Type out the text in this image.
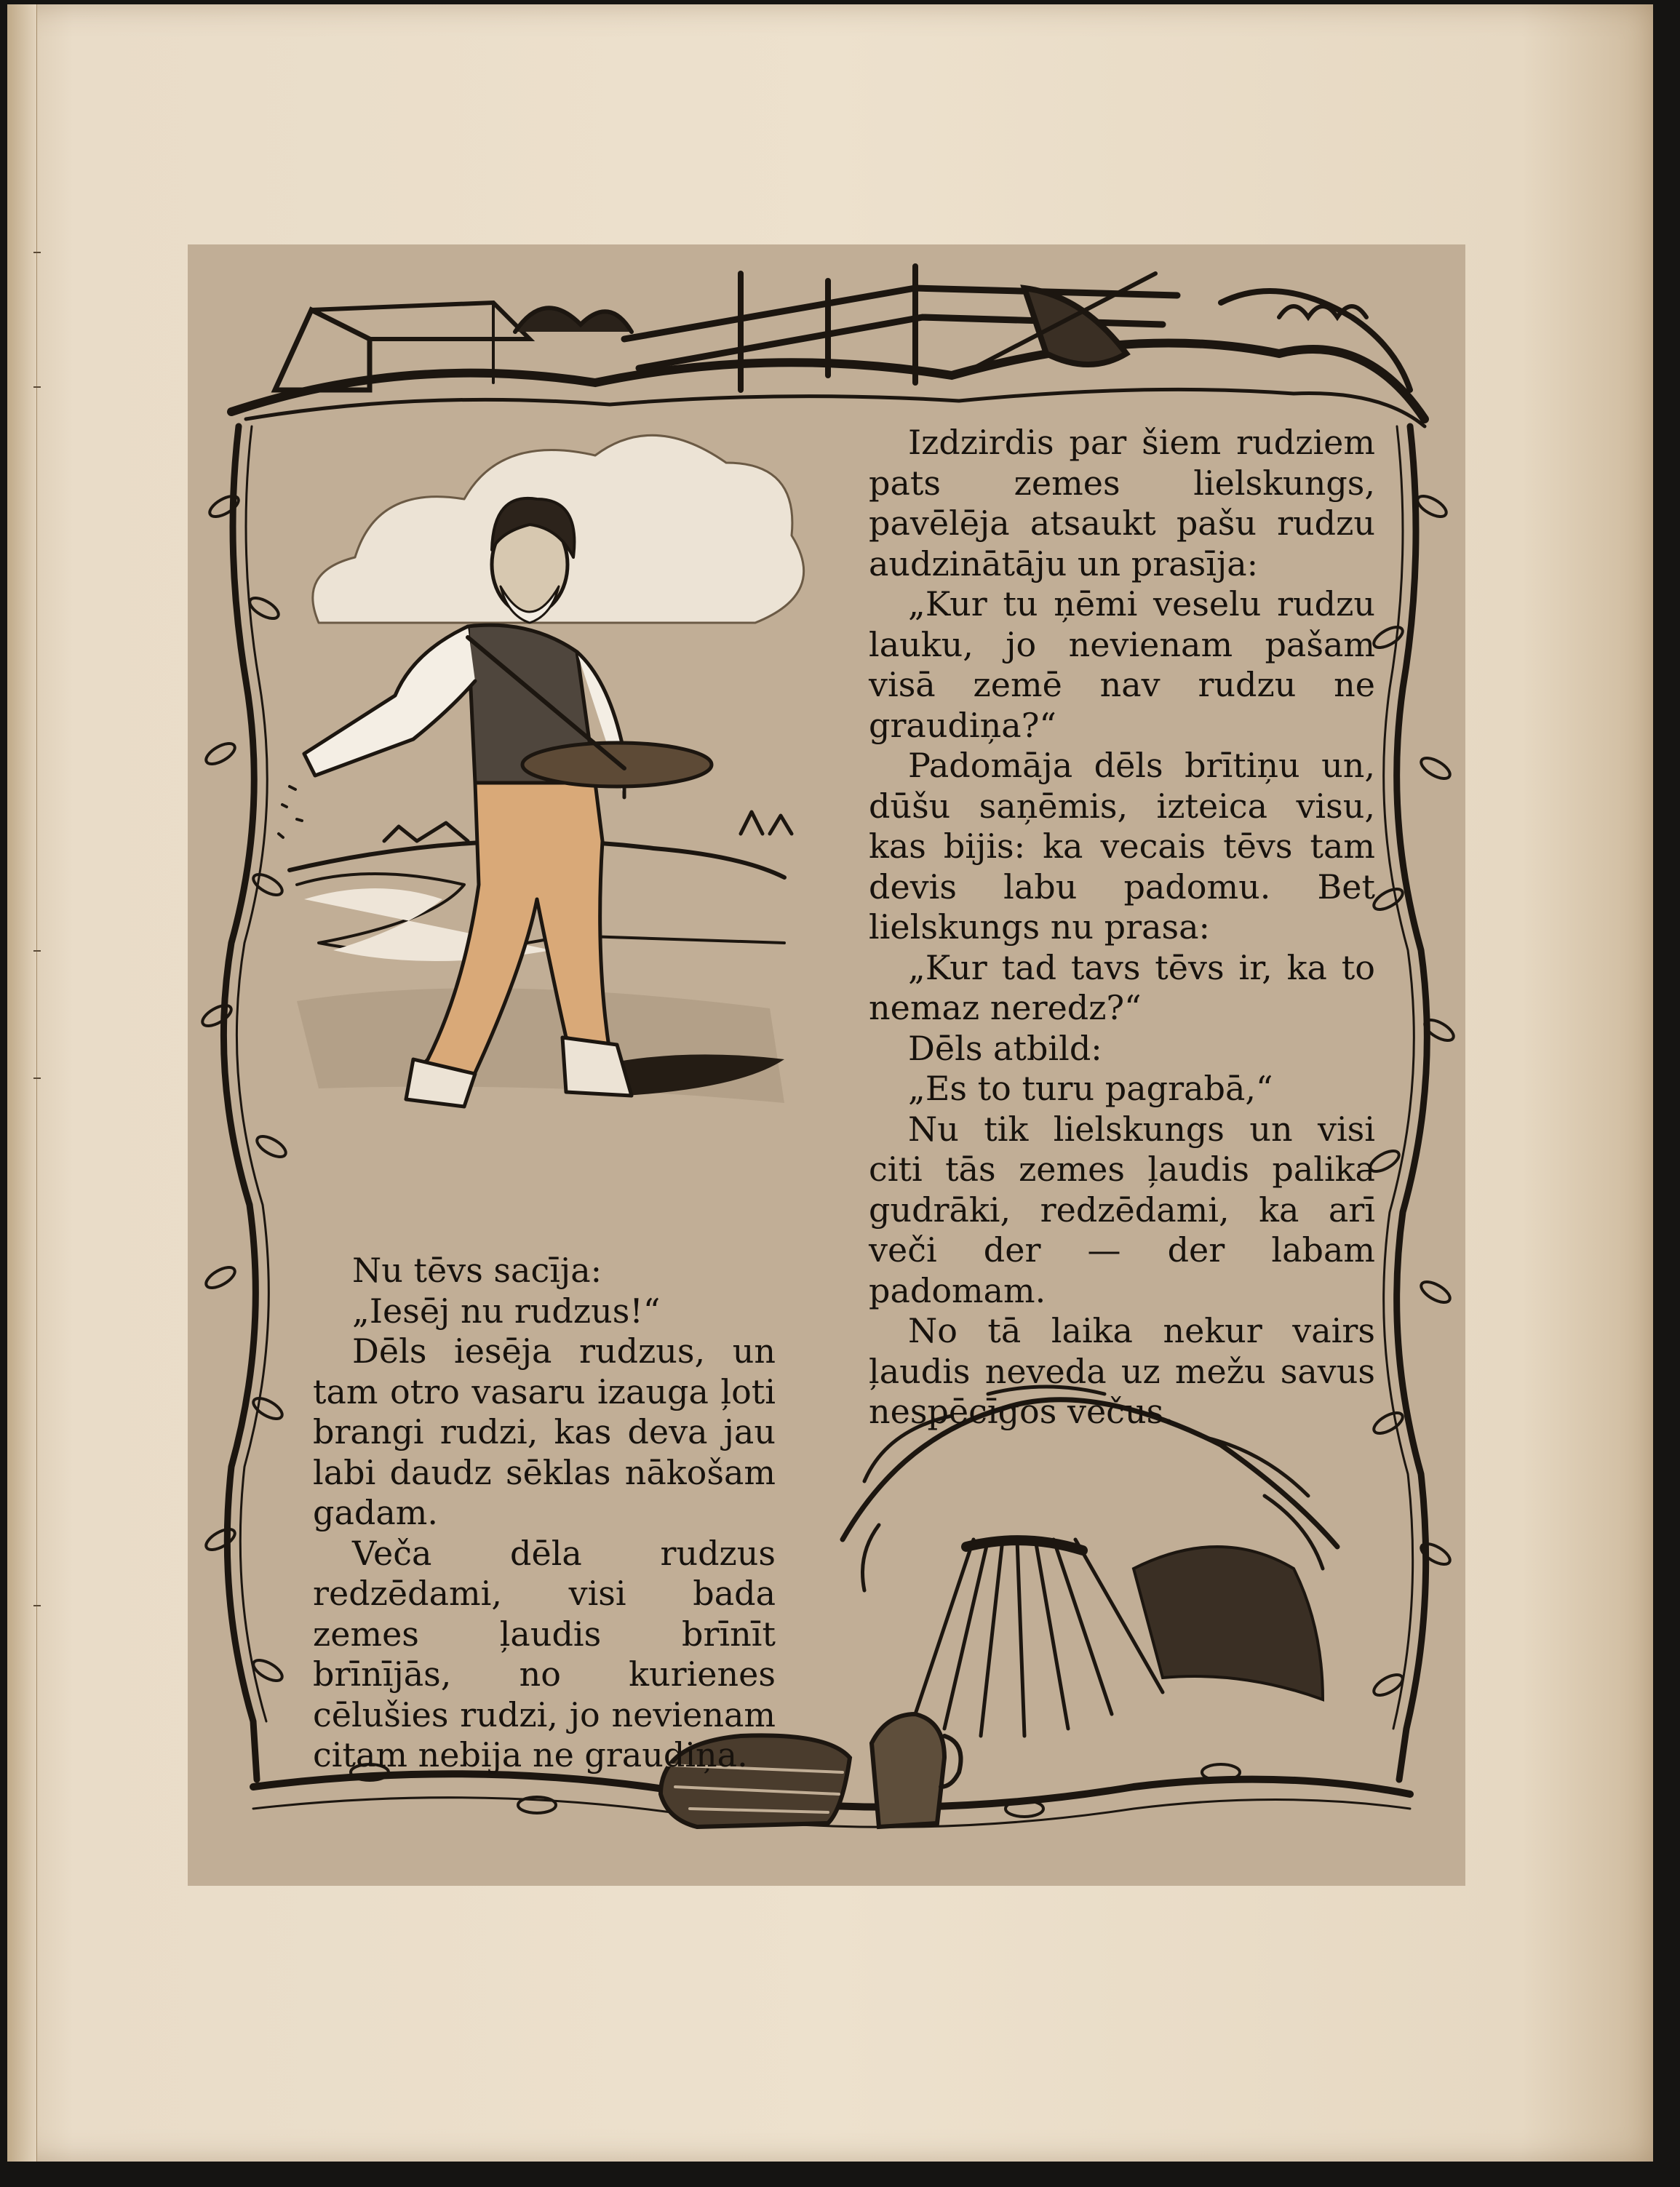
Izdzirdis par šiem rudziem pats zemes lielskungs, pavēlēja atsaukt pašu rudzu audzinātāju un prasīja:

„Kur tu ņēmi veselu rudzu lauku, jo nevienam pašam visā zemē nav rudzu ne graudiņa?“

Padomāja dēls brītiņu un, dūšu saņēmis, izteica visu, kas bijis: ka vecais tēvs tam devis labu padomu. Bet lielskungs nu prasa:

„Kur tad tavs tēvs ir, ka to nemaz neredz?“

Dēls atbild:

„Es to turu pagrabā,“

Nu tik lielskungs un visi citi tās zemes ļaudis palika gudrāki, redzēdami, ka arī veči der — der labam padomam.

No tā laika nekur vairs ļaudis neveda uz mežu savus nespēcīgos večus.

Nu tēvs sacīja:

„Iesēj nu rudzus!“

Dēls iesēja rudzus, un tam otro vasaru izauga ļoti brangi rudzi, kas deva jau labi daudz sēklas nākošam gadam.

Veča dēla rudzus redzēdami, visi bada zemes ļaudis brīnīt brīnījās, no kurienes cēlušies rudzi, jo nevienam citam nebija ne graudiņa.
